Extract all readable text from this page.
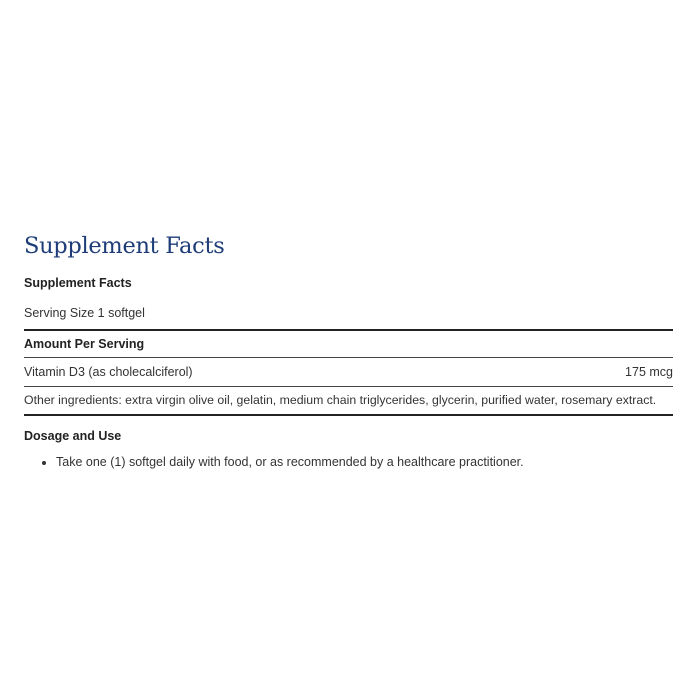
Supplement Facts
Supplement Facts
Serving Size 1 softgel
Amount Per Serving
Vitamin D3 (as cholecalciferol)	175 mcg
Other ingredients: extra virgin olive oil, gelatin, medium chain triglycerides, glycerin, purified water, rosemary extract.
Dosage and Use
• Take one (1) softgel daily with food, or as recommended by a healthcare practitioner.
